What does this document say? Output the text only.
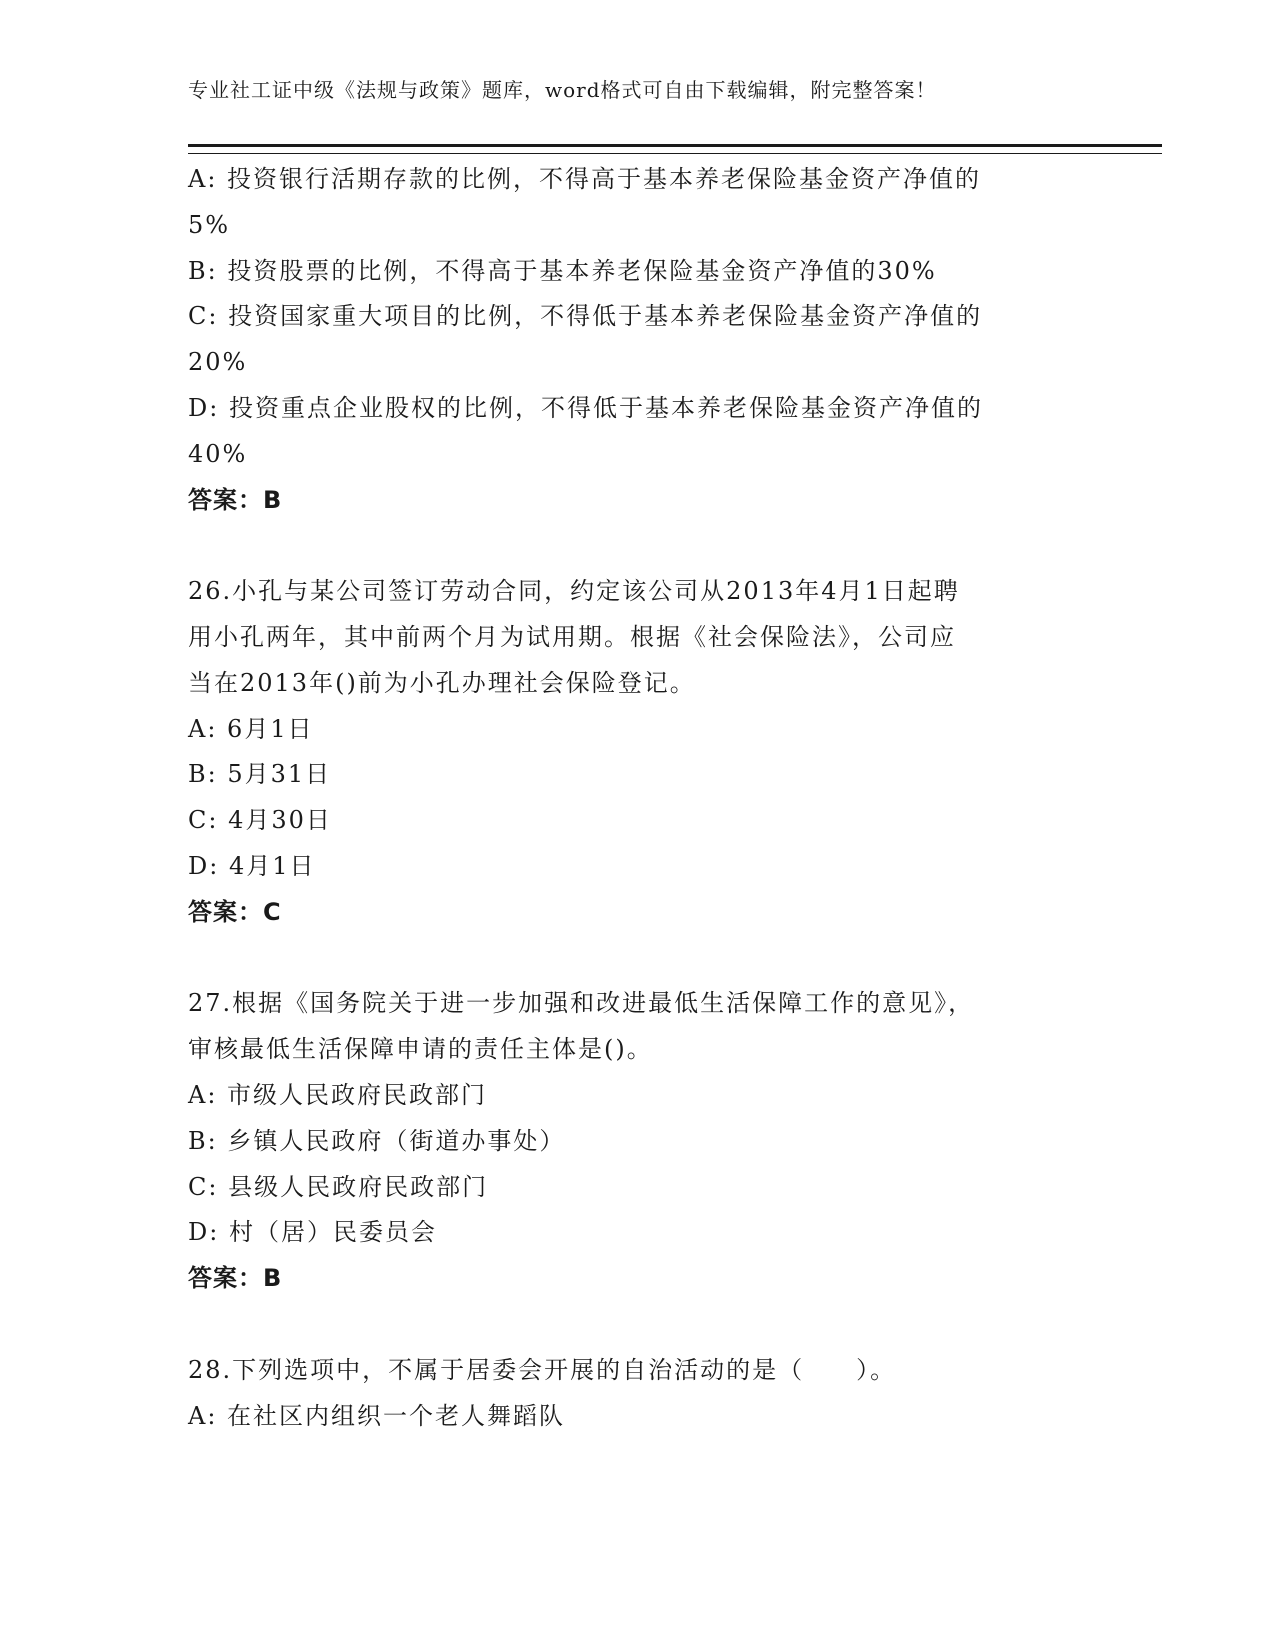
专业社工证中级《法规与政策》题库，word格式可自由下载编辑，附完整答案！
A: 投资银行活期存款的比例，不得高于基本养老保险基金资产净值的
5%
B: 投资股票的比例，不得高于基本养老保险基金资产净值的30%
C: 投资国家重大项目的比例，不得低于基本养老保险基金资产净值的
20%
D: 投资重点企业股权的比例，不得低于基本养老保险基金资产净值的
40%
答案：B
26.小孔与某公司签订劳动合同，约定该公司从2013年4月1日起聘
用小孔两年，其中前两个月为试用期。根据《社会保险法》，公司应
当在2013年()前为小孔办理社会保险登记。
A: 6月1日
B: 5月31日
C: 4月30日
D: 4月1日
答案：C
27.根据《国务院关于进一步加强和改进最低生活保障工作的意见》，
审核最低生活保障申请的责任主体是()。
A: 市级人民政府民政部门
B: 乡镇人民政府（街道办事处）
C: 县级人民政府民政部门
D: 村（居）民委员会
答案：B
28.下列选项中，不属于居委会开展的自治活动的是（　　）。
A: 在社区内组织一个老人舞蹈队
